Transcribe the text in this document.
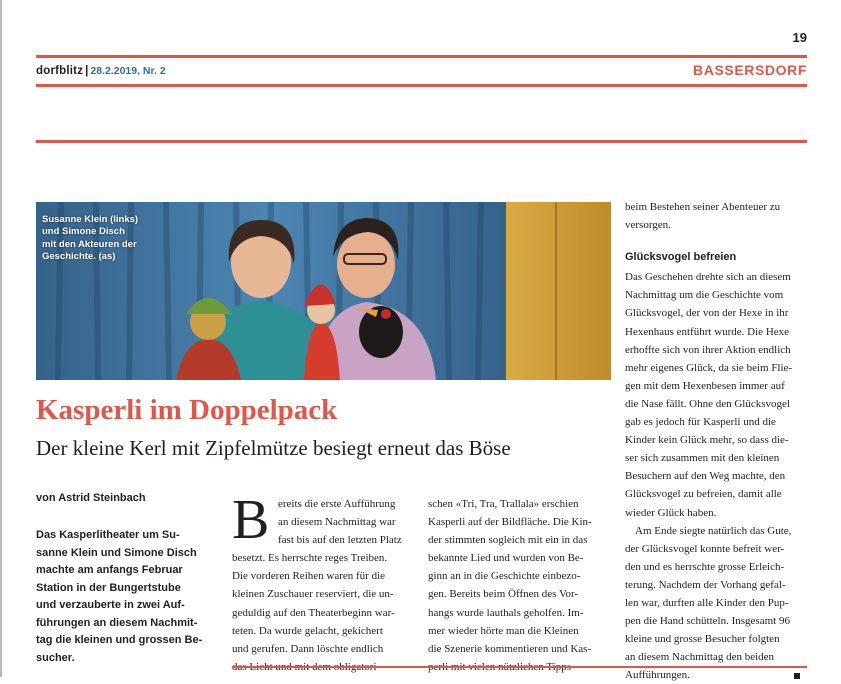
19
dorfblitz | 28.2.2019, Nr. 2	BASSERSDORF
Susanne Klein (links)
und Simone Disch
mit den Akteuren der
Geschichte. (as)
Kasperli im Doppelpack
Der kleine Kerl mit Zipfelmütze besiegt erneut das Böse
von Astrid Steinbach

Das Kasperlitheater um Su-

sanne Klein und Simone Disch

machte am anfangs Februar

Station in der Bungertstube

und verzauberte in zwei Auf-

führungen an diesem Nachmit-

tag die kleinen und grossen Be-

sucher.

B ereits die erste Aufführung

an diesem Nachmittag war

fast bis auf den letzten Platz

besetzt. Es herrschte reges Treiben.

Die vorderen Reihen waren für die

kleinen Zuschauer reserviert, die un-

geduldig auf den Theaterbeginn war-

teten. Da wurde gelacht, gekichert

und gerufen. Dann löschte endlich

schen «Tri, Tra, Trallala» erschien

Kasperli auf der Bildfläche. Die Kin-

der stimmten sogleich mit ein in das

bekannte Lied und wurden von Be-

ginn an in die Geschichte einbezo-

gen. Bereits beim Öffnen des Vor-

hangs wurde lauthals geholfen. Im-

mer wieder hörte man die Kleinen

die Szenerie kommentieren und Kas-

beim Bestehen seiner Abenteuer zu

versorgen.

Glücksvogel befreien

Das Geschehen drehte sich an diesem

Nachmittag um die Geschichte vom

Glücksvogel, der von der Hexe in ihr

Hexenhaus entführt wurde. Die Hexe

erhoffte sich von ihrer Aktion endlich

mehr eigenes Glück, da sie beim Flie-

gen mit dem Hexenbesen immer auf

die Nase fällt. Ohne den Glücksvogel

gab es jedoch für Kasperli und die

Kinder kein Glück mehr, so dass die-

ser sich zusammen mit den kleinen

Besuchern auf den Weg machte, den

Glücksvogel zu befreien, damit alle

wieder Glück haben.

Am Ende siegte natürlich das Gute,

der Glücksvogel konnte befreit wer-

den und es herrschte grosse Erleich-

terung. Nachdem der Vorhang gefal-

len war, durften alle Kinder den Pup-

pen die Hand schütteln. Insgesamt 96

kleine und grosse Besucher folgten

an diesem Nachmittag den beiden

Aufführungen.
